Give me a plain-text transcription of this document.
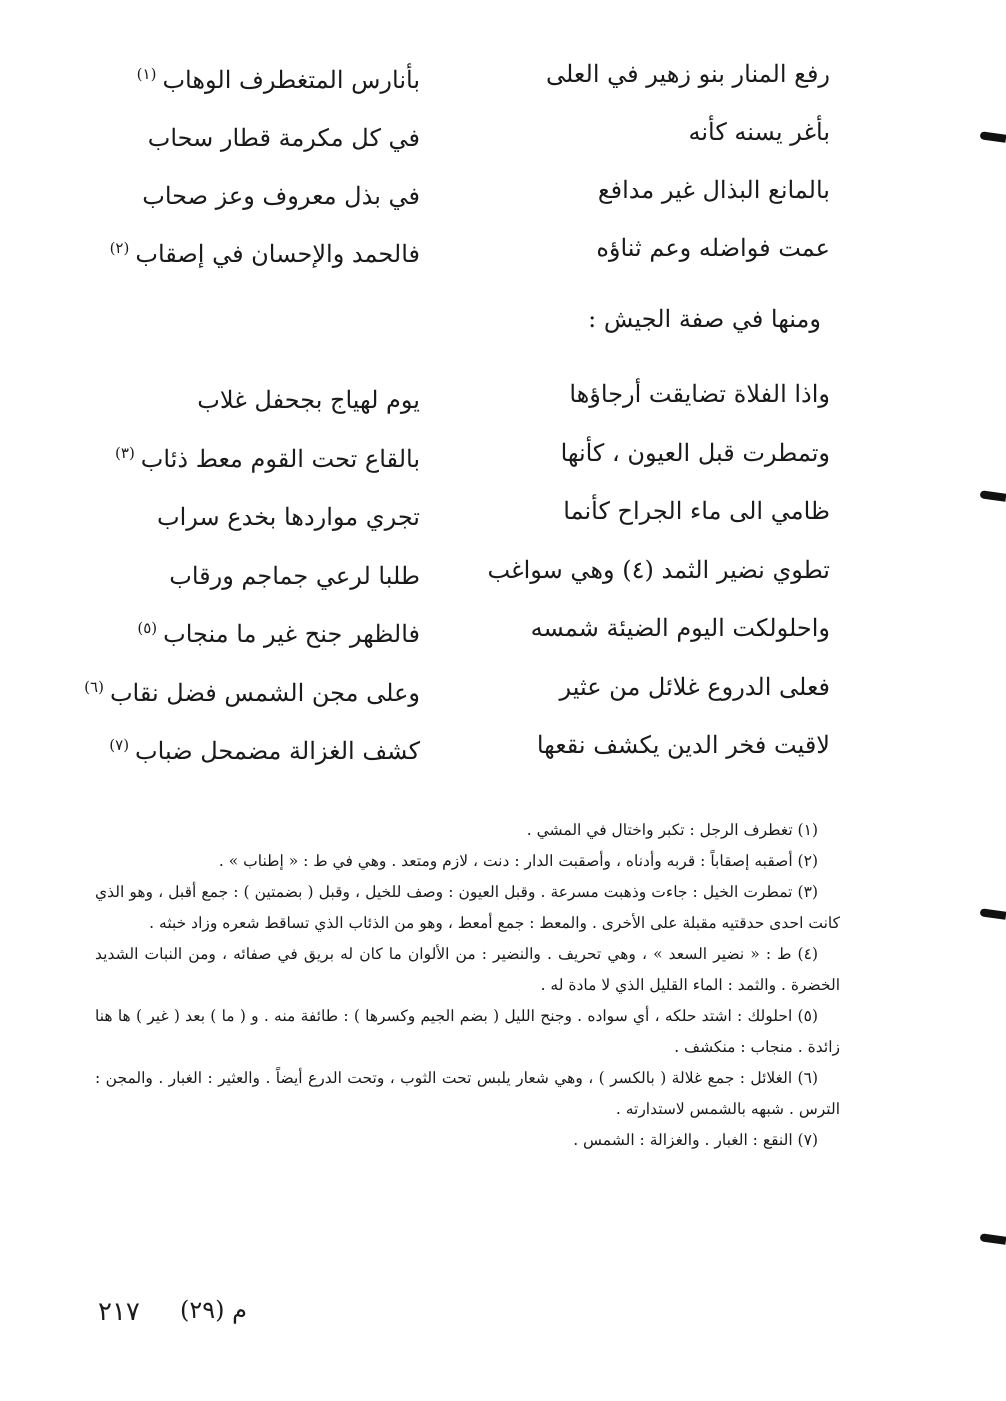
رفع المنار بنو زهير في العلى
بأنارس المتغطرف الوهاب$^{(١)}$
بأغر يسنه كأنه
في كل مكرمة قطار سحاب
بالمانع البذال غير مدافع
في بذل معروف وعز صحاب
عمت فواضله وعم ثناؤه
فالحمد والإحسان في إصقاب$^{(٢)}$
ومنها في صفة الجيش :
واذا الفلاة تضايقت أرجاؤها
يوم لهياج بجحفل غلاب
وتمطرت قبل العيون ، كأنها
بالقاع تحت القوم معط ذئاب$^{(٣)}$
ظامي الى ماء الجراح كأنما
تجري مواردها بخدع سراب
تطوي نضير الثمد (٤) وهي سواغب
طلبا لرعي جماجم ورقاب
واحلولكت اليوم الضيئة شمسه
فالظهر جنح غير ما منجاب$^{(٥)}$
فعلى الدروع غلائل من عثير
وعلى مجن الشمس فضل نقاب$^{(٦)}$
لاقيت فخر الدين يكشف نقعها
كشف الغزالة مضمحل ضباب$^{(٧)}$
(١) تغطرف الرجل : تكبر واختال في المشي .
(٢) أصقبه إصقاباً : قربه وأدناه ، وأصقبت الدار : دنت ، لازم ومتعد . وهي في ط : « إطناب » .
(٣) تمطرت الخيل : جاءت وذهبت مسرعة . وقبل العيون : وصف للخيل ، وقبل ( بضمتين ) : جمع أقبل ، وهو الذي كانت احدى حدقتيه مقبلة على الأخرى . والمعط : جمع أمعط ، وهو من الذئاب الذي تساقط شعره وزاد خبثه .
(٤) ط : « نضير السعد » ، وهي تحريف . والنضير : من الألوان ما كان له بريق في صفائه ، ومن النبات الشديد الخضرة . والثمد : الماء القليل الذي لا مادة له .
(٥) احلولك : اشتد حلكه ، أي سواده . وجنح الليل ( بضم الجيم وكسرها ) : طائفة منه . و ( ما ) بعد ( غير ) ها هنا زائدة . منجاب : منكشف .
(٦) الغلائل : جمع غلالة ( بالكسر ) ، وهي شعار يلبس تحت الثوب ، وتحت الدرع أيضاً . والعثير : الغبار . والمجن : الترس . شبهه بالشمس لاستدارته .
(٧) النقع : الغبار . والغزالة : الشمس .
م (٢٩)
٢١٧
